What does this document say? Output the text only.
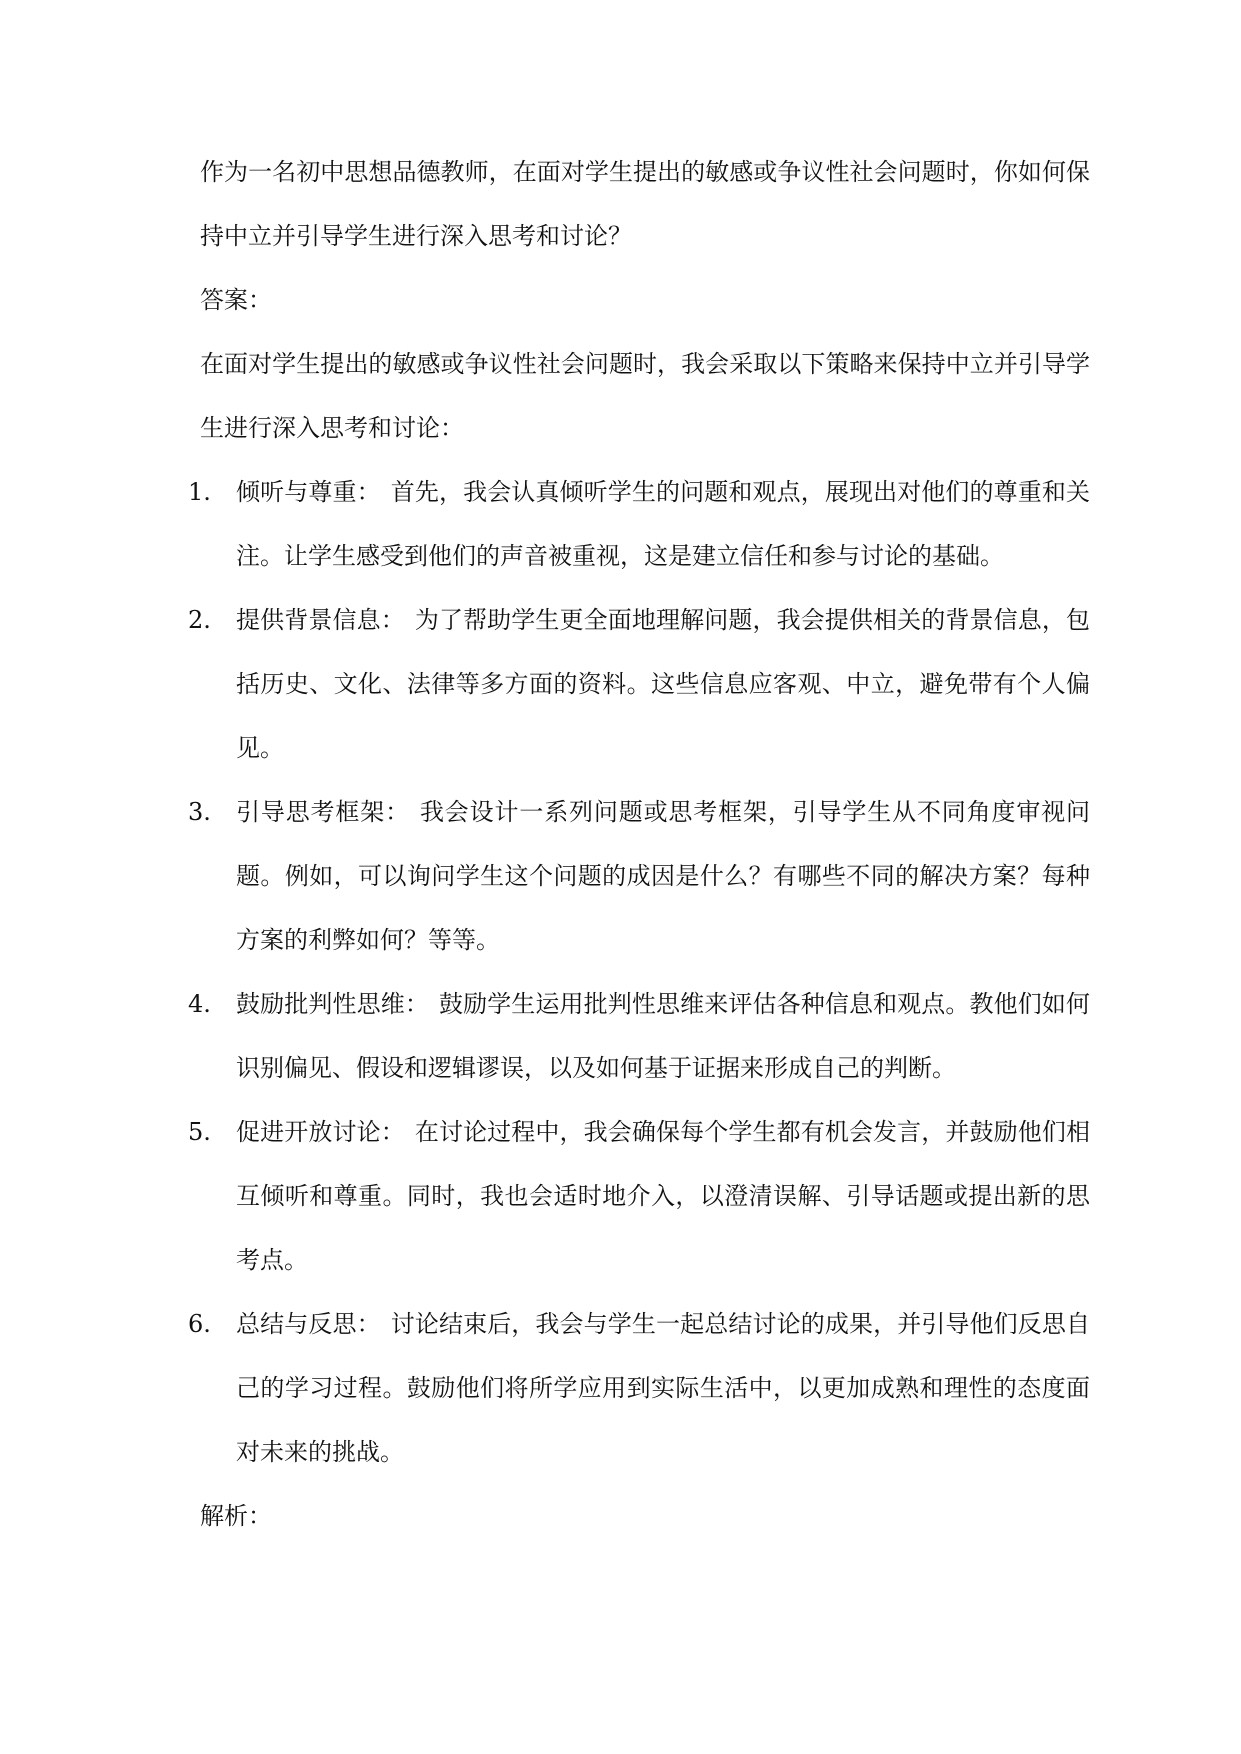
作为一名初中思想品德教师，在面对学生提出的敏感或争议性社会问题时，你如何保持中立并引导学生进行深入思考和讨论？

答案：

在面对学生提出的敏感或争议性社会问题时，我会采取以下策略来保持中立并引导学生进行深入思考和讨论：

1.	倾听与尊重： 首先，我会认真倾听学生的问题和观点，展现出对他们的尊重和关注。让学生感受到他们的声音被重视，这是建立信任和参与讨论的基础。
2.	提供背景信息： 为了帮助学生更全面地理解问题，我会提供相关的背景信息，包括历史、文化、法律等多方面的资料。这些信息应客观、中立，避免带有个人偏见。
3.	引导思考框架： 我会设计一系列问题或思考框架，引导学生从不同角度审视问题。例如，可以询问学生这个问题的成因是什么？有哪些不同的解决方案？每种方案的利弊如何？等等。
4.	鼓励批判性思维： 鼓励学生运用批判性思维来评估各种信息和观点。教他们如何识别偏见、假设和逻辑谬误，以及如何基于证据来形成自己的判断。
5.	促进开放讨论： 在讨论过程中，我会确保每个学生都有机会发言，并鼓励他们相互倾听和尊重。同时，我也会适时地介入，以澄清误解、引导话题或提出新的思考点。
6.	总结与反思： 讨论结束后，我会与学生一起总结讨论的成果，并引导他们反思自己的学习过程。鼓励他们将所学应用到实际生活中，以更加成熟和理性的态度面对未来的挑战。

解析：
